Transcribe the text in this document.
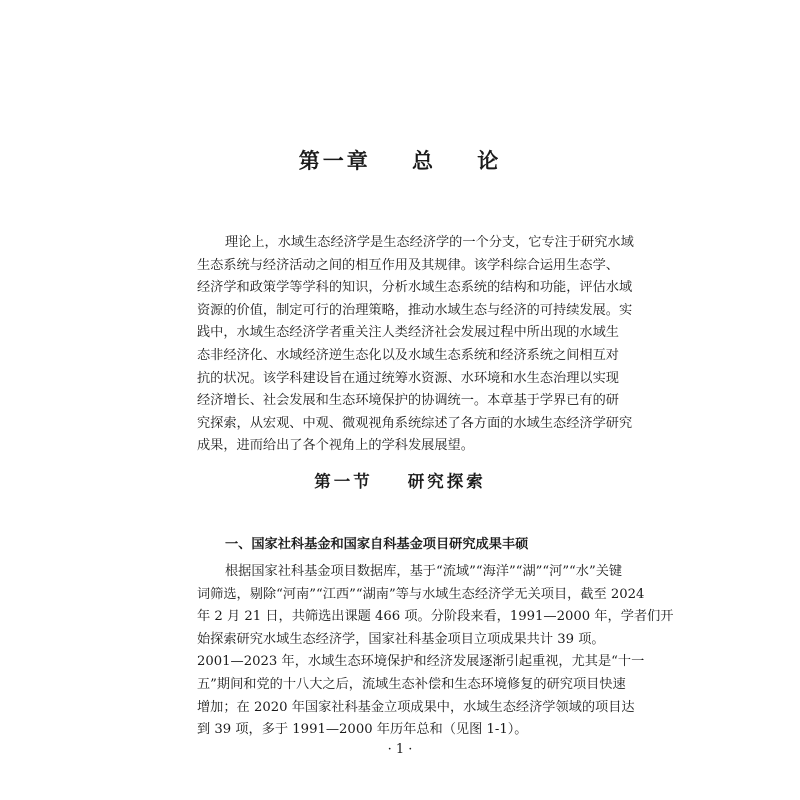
第一章    总    论
理论上，水域生态经济学是生态经济学的一个分支，它专注于研究水域
生态系统与经济活动之间的相互作用及其规律。该学科综合运用生态学、
经济学和政策学等学科的知识，分析水域生态系统的结构和功能，评估水域
资源的价值，制定可行的治理策略，推动水域生态与经济的可持续发展。实
践中，水域生态经济学者重关注人类经济社会发展过程中所出现的水域生
态非经济化、水域经济逆生态化以及水域生态系统和经济系统之间相互对
抗的状况。该学科建设旨在通过统筹水资源、水环境和水生态治理以实现
经济增长、社会发展和生态环境保护的协调统一。本章基于学界已有的研
究探索，从宏观、中观、微观视角系统综述了各方面的水域生态经济学研究
成果，进而给出了各个视角上的学科发展展望。
第一节    研究探索
一、国家社科基金和国家自科基金项目研究成果丰硕
根据国家社科基金项目数据库，基于“流域”“海洋”“湖”“河”“水”关键
词筛选，剔除“河南”“江西”“湖南”等与水域生态经济学无关项目，截至 2024
年 2 月 21 日，共筛选出课题 466 项。分阶段来看，1991—2000 年，学者们开
始探索研究水域生态经济学，国家社科基金项目立项成果共计 39 项。
2001—2023 年，水域生态环境保护和经济发展逐渐引起重视，尤其是“十一
五”期间和党的十八大之后，流域生态补偿和生态环境修复的研究项目快速
增加；在 2020 年国家社科基金立项成果中，水域生态经济学领域的项目达
到 39 项，多于 1991—2000 年历年总和（见图 1-1）。
· 1 ·
